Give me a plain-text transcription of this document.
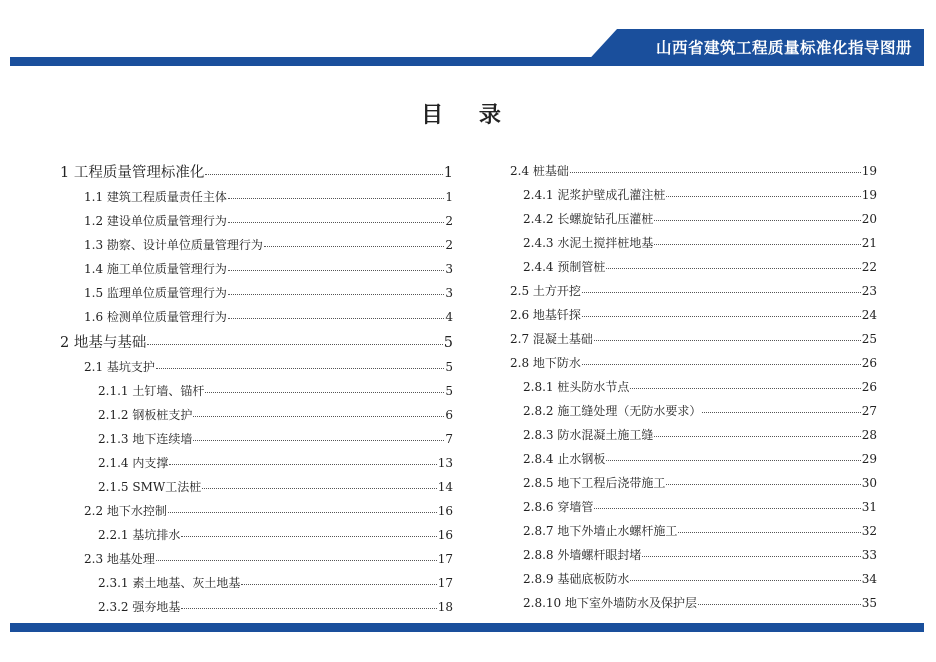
山西省建筑工程质量标准化指导图册
目 录
1 工程质量管理标准化	1
1.1 建筑工程质量责任主体	1
1.2 建设单位质量管理行为	2
1.3 勘察、设计单位质量管理行为	2
1.4 施工单位质量管理行为	3
1.5 监理单位质量管理行为	3
1.6 检测单位质量管理行为	4
2 地基与基础	5
2.1 基坑支护	5
2.1.1 土钉墙、锚杆	5
2.1.2 钢板桩支护	6
2.1.3 地下连续墙	7
2.1.4 内支撑	13
2.1.5 SMW工法桩	14
2.2 地下水控制	16
2.2.1 基坑排水	16
2.3 地基处理	17
2.3.1 素土地基、灰土地基	17
2.3.2 强夯地基	18
2.4 桩基础	19
2.4.1 泥浆护壁成孔灌注桩	19
2.4.2 长螺旋钻孔压灌桩	20
2.4.3 水泥土搅拌桩地基	21
2.4.4 预制管桩	22
2.5 土方开挖	23
2.6 地基钎探	24
2.7 混凝土基础	25
2.8 地下防水	26
2.8.1 桩头防水节点	26
2.8.2 施工缝处理（无防水要求）	27
2.8.3 防水混凝土施工缝	28
2.8.4 止水钢板	29
2.8.5 地下工程后浇带施工	30
2.8.6 穿墙管	31
2.8.7 地下外墙止水螺杆施工	32
2.8.8 外墙螺杆眼封堵	33
2.8.9 基础底板防水	34
2.8.10 地下室外墙防水及保护层	35
